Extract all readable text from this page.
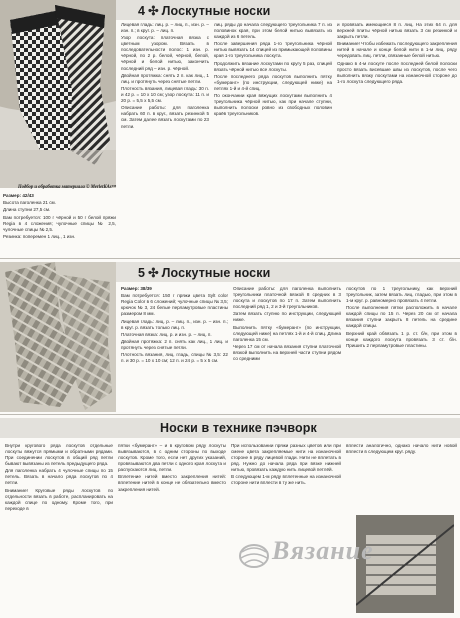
4 ✣ Лоскутные носки
Подбор и обработка материала © MerletKAs™

Размер: 42/43

Высота паголенка 21 см.

Длина ступни 27,5 см.

Вам потребуется: 100 г чёрной и 50 г белой пряжи Regia в 4 сложения; чулочные спицы № 2,5, чулочные спицы № 2,5.

Резинка: поперемен 1 лиц., 1 изн.

Лицевая гладь: лиц. р. – лиц. п., изн. р. – изн. п.; в круг. р. – лиц. п.

Узор лоскута: платочная вязка с цветным узором. Вязать в последовательности полос: 1 изн. р. чёрной, по 2 р. белой, чёрной, белой, чёрной и белой нитью, закончить последний ряд – изн. р. чёрной.

Двойная протяжка: снять 2 п. как лиц., 1 лиц. и протянуть через снятые петли.

Плотность вязания, лицевая гладь: 30 п. и 42 р. = 10 x 10 см; узор лоскута: 11 п. и 20 р. = 5,5 x 5,5 см.

Описание работы: для паголенка набрать 60 п. в круг., вязать резинкой 5 см. Затем далее вязать лоскутами по 23 петли.

лиц. ряды до начала следующего треугольника 7 п. из половинок края, при этом белой нитью вывязать из каждой из 6 петель.

После завершения ряда 1-го треугольника чёрной нитью вывязать 14 спицей из примыкающей половины края 1-го треугольника лоскута.

Продолжить вязание лоскутами по кругу 5 раз, спицей вязать чёрной нитью все лоскуты.

После последнего ряда лоскутов выполнить пятку «бумеранг» (по инструкции, следующей ниже) на петлях 1-й и 4-й спиц.

По окончании края вяжущих лоскутами выполнить 4 треугольника чёрной нитью, как при начале ступни, выполнить полоски ровно из свободных половин краёв треугольников.

и провязать имеющиеся 8 п. лиц. На этих 64 п. для верхней плиты чёрной нитью вязать 3 см резинкой и закрыть петли.

Внимание! Чтобы избежать последующего закрепления нитей в начале и конце белой нити в 1-м лиц. ряду чередовать лиц. петли, связанные белой нитью.

Однако в 4-м лоскуте после последней белой полоски просто вязать висевшие швы из лоскутов, после чего выполнить вязку лоскутами на изнаночной стороне до 1-го лоскута следующего ряда.

5 ✣ Лоскутные носки

Размер: 38/39

Вам потребуется: 150 г пряжи цвета Sylt color Regia Color в 6 сложений; чулочные спицы № 3,5; крючок № 3, 24 белые перламутровые пластины размером 8 мм.

Лицевая гладь: лиц. р. – лиц. п., изн. р. – изн. п.; в круг. р. вязать только лиц. п.

Платочная вязка: лиц. р. и изн. р. – лиц. п.

Двойная протяжка: 2 п. снять как лиц., 1 лиц. и протянуть через снятые петли.

Плотность вязания, лиц. гладь, спицы № 3,5: 22 п. и 30 р. = 10 x 10 см; 12 п. и 24 р. = 5 x 5 см.

Описание работы: для паголенка выполнить треугольники платочной вязкой 8 средних в 3 лоскута и лоскутов по 17 п. Затем выполнить последний ряд 1, 2 и 3-й треугольников.

Затем вязать ступню по инструкции, следующей ниже.

Выполнить пятку «бумеранг» (по инструкции, следующей ниже) на петлях 1-й и 4-й спиц. Длина паголенка 15 см.

Через 17 см от начала вязания ступни платочной вязкой выполнить на верхней части ступни рядом со средними

лоскутов по 1 треугольнику, как верхний треугольник, затем вязать лиц. гладью, при этом в 1-м круг. р. равномерно провязать 4 петли.

После выполнения пятки расположить в начале каждой спицы по 15 п. Через 20 см от начала вязания ступни закрыть 8 петель на средине каждой спицы.

Верхний край обвязать 1 р. ст. б/н, при этом в конце каждого лоскута провязать 3 ст. б/н. Пришить 2 перламутровые пластины.

Носки в технике пэчворк

Внутри кругового ряда лоскутов отдельные лоскуты вяжутся прямыми и обратными рядами. При соединении лоскутов в общий ряд петли бывают вывязаны из петель предыдущего ряда.

Для паголенка набрать 4 чулочные спицы по 15 петель. Вязать в начало ряда лоскутов по 4 петли.

Внимание! Круговые ряды лоскутов по отдельности вязать в работе, распланировать на каждой спице по одному. Кроме того, при переходе в

пятки «бумеранг» – и в круговом ряду лоскуты вывязываются, в с одним стороны по выходе лоскутов. Кроме того, если нет других указаний, провязываются два петли с одного края лоскута и распускаются лиц. петли.

Вплетение нитей вместо закрепления нитей: вплетение нитей в конце не обязательно вместо закрепления нитей.

При использовании пряжи разных цветов или при смене цвета закрепляемые нити на изнаночной стороне в ряду лицевой глади. Нити не вплетать в ряд. Нужно до начала ряда при вязке нижней нитью, провязать каждую нить лицевой петлёй.

В следующем 1-м ряду вплетенные на изнаночной стороне нити вплести в ту же нить.

вплести аналогично, однако начало нити новой вплести в следующем круг. ряду.

Вязание
